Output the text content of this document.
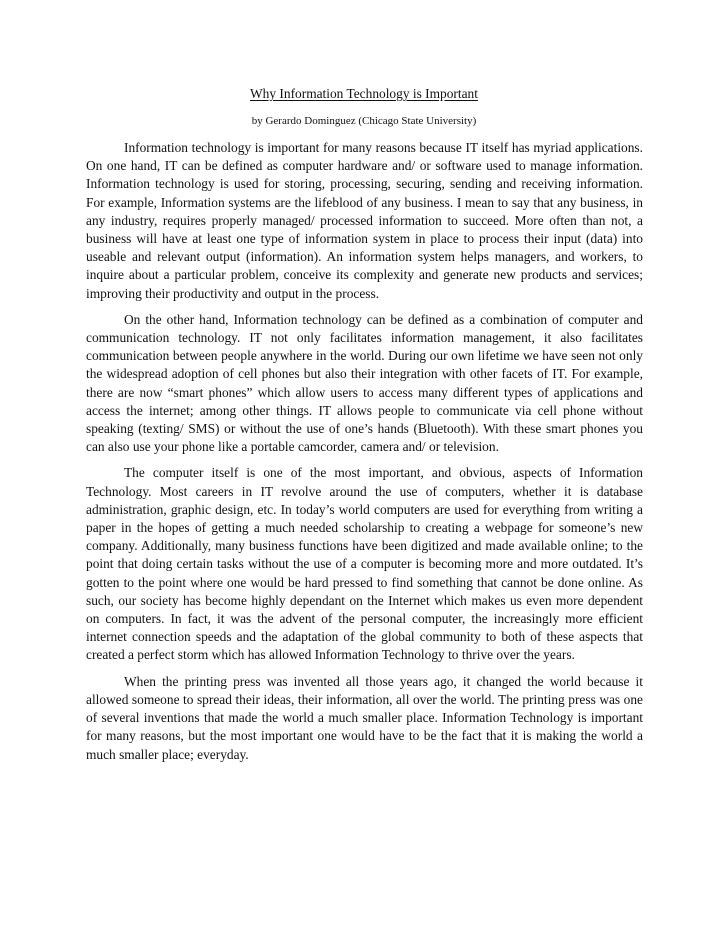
Why Information Technology is Important
by Gerardo Dominguez (Chicago State University)

Information technology is important for many reasons because IT itself has myriad applications. On one hand, IT can be defined as computer hardware and/ or software used to manage information. Information technology is used for storing, processing, securing, sending and receiving information. For example, Information systems are the lifeblood of any business. I mean to say that any business, in any industry, requires properly managed/ processed information to succeed. More often than not, a business will have at least one type of information system in place to process their input (data) into useable and relevant output (information). An information system helps managers, and workers, to inquire about a particular problem, conceive its complexity and generate new products and services; improving their productivity and output in the process.

On the other hand, Information technology can be defined as a combination of computer and communication technology. IT not only facilitates information management, it also facilitates communication between people anywhere in the world. During our own lifetime we have seen not only the widespread adoption of cell phones but also their integration with other facets of IT. For example, there are now “smart phones” which allow users to access many different types of applications and access the internet; among other things. IT allows people to communicate via cell phone without speaking (texting/ SMS) or without the use of one’s hands (Bluetooth). With these smart phones you can also use your phone like a portable camcorder, camera and/ or television.

The computer itself is one of the most important, and obvious, aspects of Information Technology. Most careers in IT revolve around the use of computers, whether it is database administration, graphic design, etc. In today’s world computers are used for everything from writing a paper in the hopes of getting a much needed scholarship to creating a webpage for someone’s new company. Additionally, many business functions have been digitized and made available online; to the point that doing certain tasks without the use of a computer is becoming more and more outdated. It’s gotten to the point where one would be hard pressed to find something that cannot be done online. As such, our society has become highly dependant on the Internet which makes us even more dependent on computers. In fact, it was the advent of the personal computer, the increasingly more efficient internet connection speeds and the adaptation of the global community to both of these aspects that created a perfect storm which has allowed Information Technology to thrive over the years.

When the printing press was invented all those years ago, it changed the world because it allowed someone to spread their ideas, their information, all over the world. The printing press was one of several inventions that made the world a much smaller place. Information Technology is important for many reasons, but the most important one would have to be the fact that it is making the world a much smaller place; everyday.
